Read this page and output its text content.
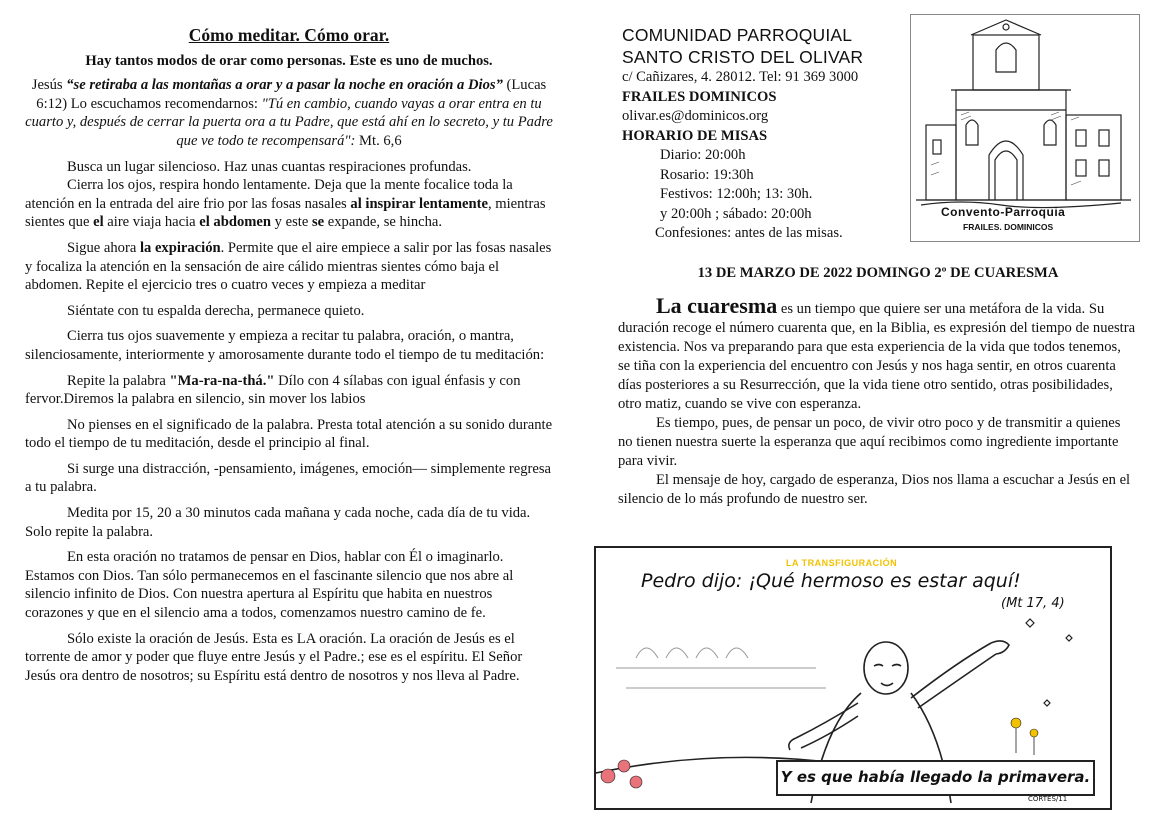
Cómo meditar. Cómo orar.
Hay tantos modos de orar como personas. Este es uno de muchos.
Jesús “se retiraba a las montañas a orar y a pasar la noche en oración a Dios” (Lucas 6:12) Lo escuchamos recomendarnos: "Tú en cambio, cuando vayas a orar entra en tu cuarto y, después de cerrar la puerta ora a tu Padre, que está ahí en lo secreto, y tu Padre que ve todo te recompensará": Mt. 6,6
Busca un lugar silencioso. Haz unas cuantas respiraciones profundas.
Cierra los ojos, respira hondo lentamente. Deja que la mente focalice toda la atención en la entrada del aire frio por las fosas nasales al inspirar lentamente, mientras sientes que el aire viaja hacia el abdomen y este se expande, se hincha.
Sigue ahora la expiración. Permite que el aire empiece a salir por las fosas nasales y focaliza la atención en la sensación de aire cálido mientras sientes cómo baja el abdomen. Repite el ejercicio tres o cuatro veces y empieza a meditar
Siéntate con tu espalda derecha, permanece quieto.
Cierra tus ojos suavemente y empieza a recitar tu palabra, oración, o mantra, silenciosamente, interiormente y amorosamente durante todo el tiempo de tu meditación:
Repite la palabra "Ma-ra-na-thá." Dílo con 4 sílabas con igual énfasis y con fervor.Diremos la palabra en silencio, sin mover los labios
No pienses en el significado de la palabra. Presta total atención a su sonido durante todo el tiempo de tu meditación, desde el principio al final.
Si surge una distracción, -pensamiento, imágenes, emoción— simplemente regresa a tu palabra.
Medita por 15, 20 a 30 minutos cada mañana y cada noche, cada día de tu vida. Solo repite la palabra.
En esta oración no tratamos de pensar en Dios, hablar con Él o imaginarlo. Estamos con Dios. Tan sólo permanecemos en el fascinante silencio que nos abre al silencio infinito de Dios. Con nuestra apertura al Espíritu que habita en nuestros corazones y que en el silencio ama a todos, comenzamos nuestro camino de fe.
Sólo existe la oración de Jesús. Esta es LA oración. La oración de Jesús es el torrente de amor y poder que fluye entre Jesús y el Padre.; ese es el espíritu. El Señor Jesús ora dentro de nosotros; su Espíritu está dentro de nosotros y nos lleva al Padre.
COMUNIDAD PARROQUIAL
SANTO CRISTO DEL OLIVAR
c/ Cañizares, 4. 28012. Tel: 91 369 3000
FRAILES DOMINICOS
olivar.es@dominicos.org
HORARIO DE MISAS
Diario: 20:00h
Rosario: 19:30h
Festivos: 12:00h; 13: 30h.
y 20:00h ; sábado: 20:00h
Confesiones: antes de las misas.
Convento-Parroquia
FRAILES. DOMINICOS
13 DE MARZO DE 2022 DOMINGO 2º DE CUARESMA

La cuaresma es un tiempo que quiere ser una metáfora de la vida. Su duración recoge el número cuarenta que, en la Biblia, es expresión del tiempo de nuestra existencia. Nos va preparando para que esta experiencia de la vida que todos tenemos, se tiña con la experiencia del encuentro con Jesús y nos haga sentir, en otros cuarenta días posteriores a su Resurrección, que la vida tiene otro sentido, otras posibilidades, otro matiz, cuando se vive con esperanza.

Es tiempo, pues, de pensar un poco, de vivir otro poco y de transmitir a quienes no tienen nuestra suerte la esperanza que aquí recibimos como ingrediente importante para vivir.

El mensaje de hoy, cargado de esperanza, Dios nos llama a escuchar a Jesús en el silencio de lo más profundo de nuestro ser.

LA TRANSFIGURACIÓN
Pedro dijo: ¡Qué hermoso es estar aquí!
(Mt 17, 4)
Y es que había llegado la primavera.
CORTÉS/11
